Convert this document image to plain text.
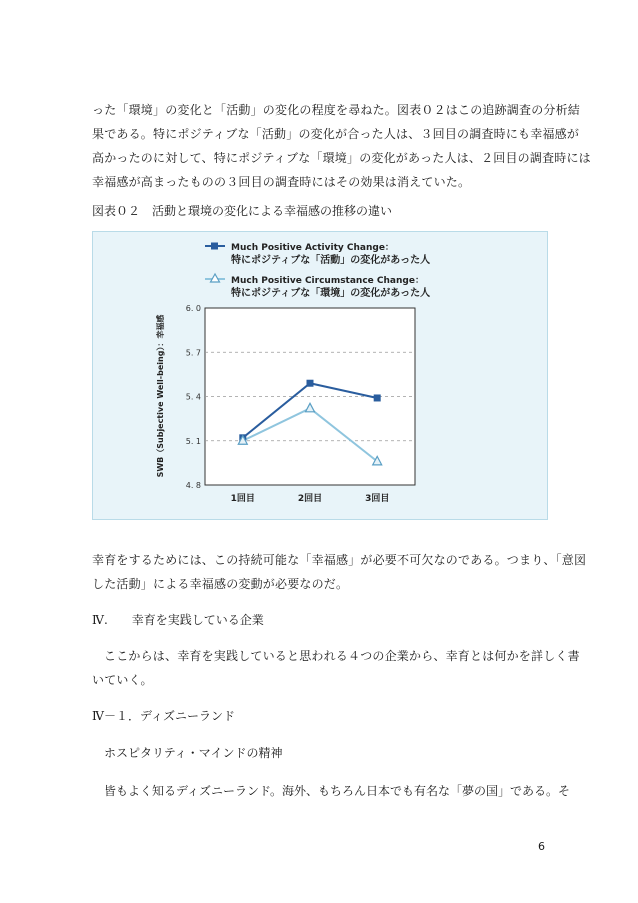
った「環境」の変化と「活動」の変化の程度を尋ねた。図表０２はこの追跡調査の分析結
果である。特にポジティブな「活動」の変化が合った人は、３回目の調査時にも幸福感が
高かったのに対して、特にポジティブな「環境」の変化があった人は、２回目の調査時には
幸福感が高まったものの３回目の調査時にはその効果は消えていた。

図表０２　活動と環境の変化による幸福感の推移の違い
Much Positive Activity Change：
特にポジティブな「活動」の変化があった人
Much Positive Circumstance Change：
特にポジティブな「環境」の変化があった人
6. 0
5. 7
5. 4
5. 1
4. 8
1回目	2回目	3回目
SWB（Subjective Well-being）：幸福感

幸育をするためには、この持続可能な「幸福感」が必要不可欠なのである。つまり、「意図
した活動」による幸福感の変動が必要なのだ。

Ⅳ.　　幸育を実践している企業

ここからは、幸育を実践していると思われる４つの企業から、幸育とは何かを詳しく書
いていく。

Ⅳ－１．ディズニーランド
ホスピタリティ・マインドの精神
皆もよく知るディズニーランド。海外、もちろん日本でも有名な「夢の国」である。そ
6
